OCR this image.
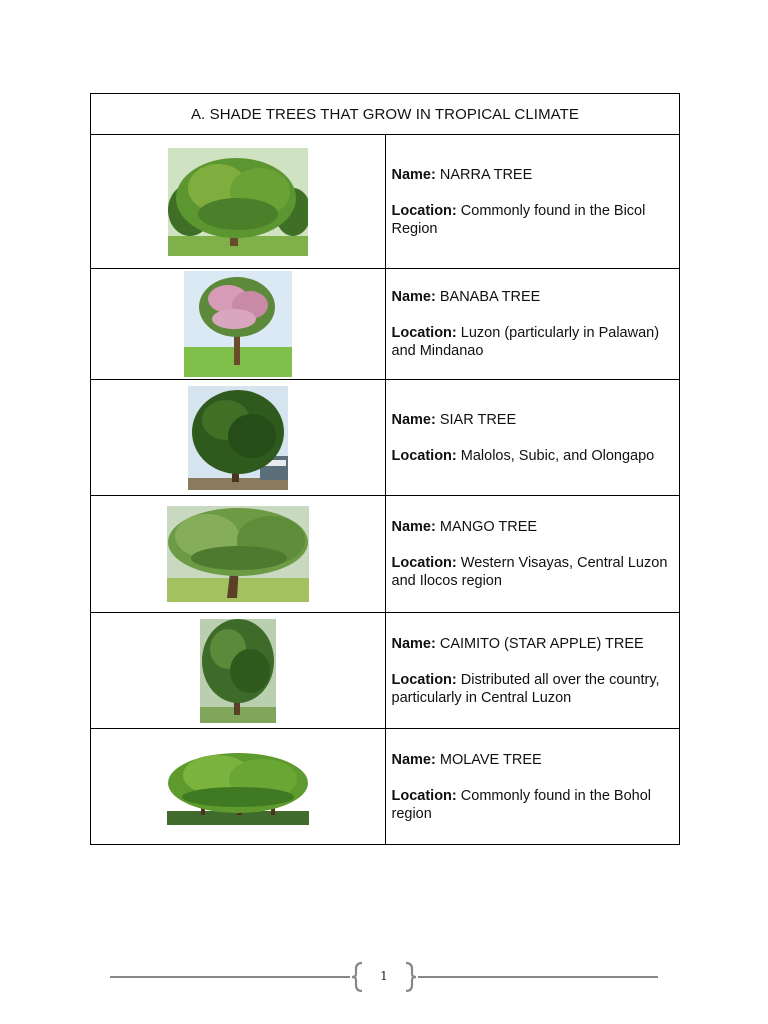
A. SHADE TREES THAT GROW IN TROPICAL CLIMATE	

Name: NARRA TREE

Location: Commonly found in the Bicol Region

Name: BANABA TREE

Location: Luzon (particularly in Palawan) and Mindanao

Name: SIAR TREE

Location: Malolos, Subic, and Olongapo

Name: MANGO TREE

Location: Western Visayas, Central Luzon and Ilocos region

Name: CAIMITO (STAR APPLE) TREE

Location: Distributed all over the country, particularly in Central Luzon

Name: MOLAVE TREE

Location: Commonly found in the Bohol region

1
